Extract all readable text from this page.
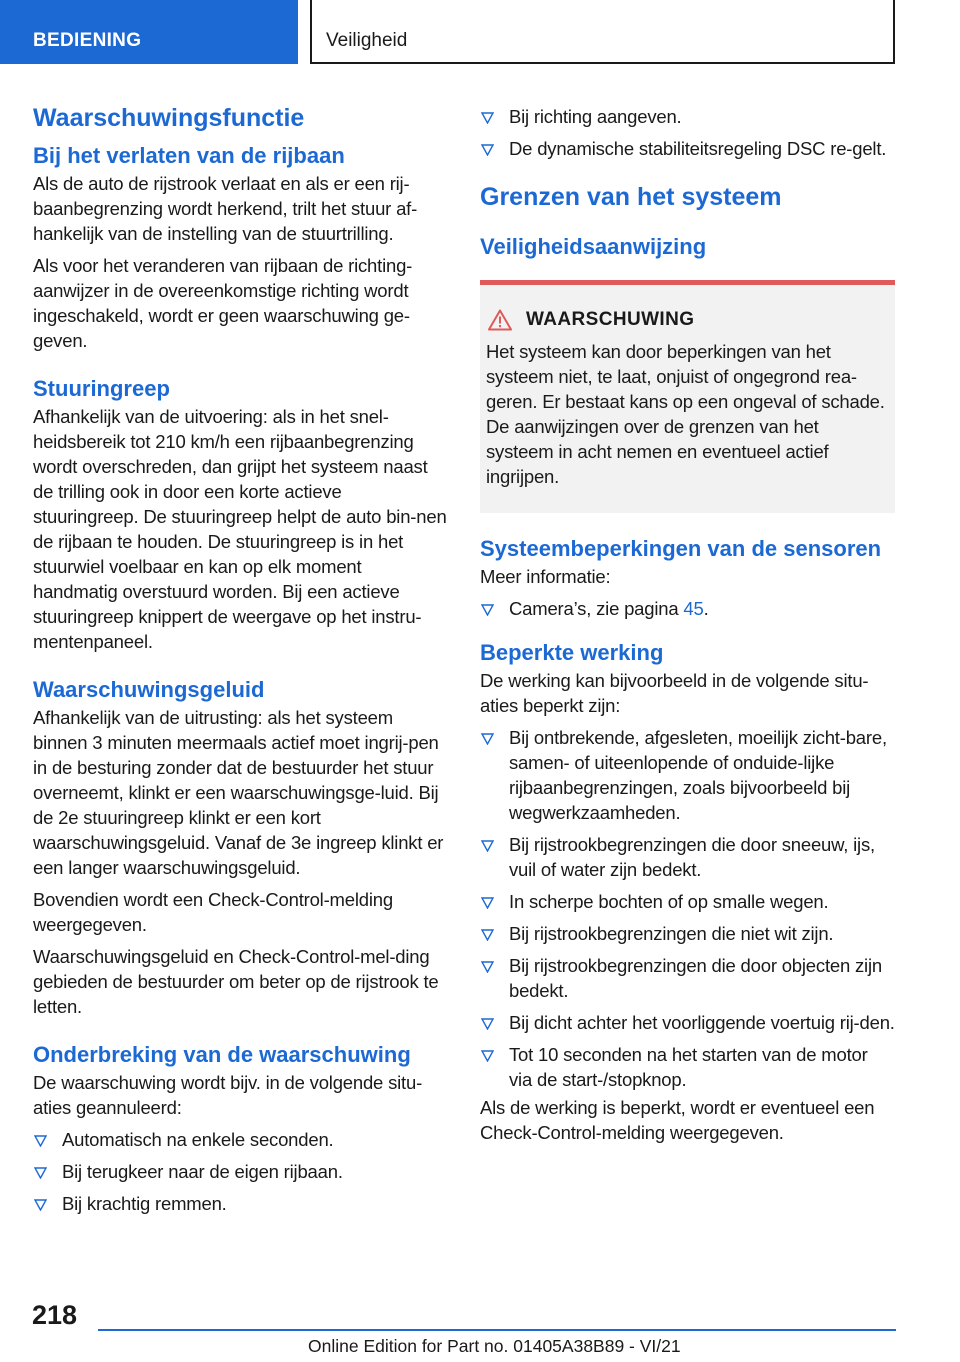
BEDIENING	Veiligheid
Waarschuwingsfunctie
Bij het verlaten van de rijbaan

Als de auto de rijstrook verlaat en als er een rij-baanbegrenzing wordt herkend, trilt het stuur af-hankelijk van de instelling van de stuurtrilling.

Als voor het veranderen van rijbaan de richting-aanwijzer in de overeenkomstige richting wordt ingeschakeld, wordt er geen waarschuwing ge-geven.

Stuuringreep

Afhankelijk van de uitvoering: als in het snel-heidsbereik tot 210 km/h een rijbaanbegrenzing wordt overschreden, dan grijpt het systeem naast de trilling ook in door een korte actieve stuuringreep. De stuuringreep helpt de auto bin-nen de rijbaan te houden. De stuuringreep is in het stuurwiel voelbaar en kan op elk moment handmatig overstuurd worden. Bij een actieve stuuringreep knippert de weergave op het instru-mentenpaneel.

Waarschuwingsgeluid

Afhankelijk van de uitrusting: als het systeem binnen 3 minuten meermaals actief moet ingrij-pen in de besturing zonder dat de bestuurder het stuur overneemt, klinkt er een waarschuwingsge-luid. Bij de 2e stuuringreep klinkt er een kort waarschuwingsgeluid. Vanaf de 3e ingreep klinkt er een langer waarschuwingsgeluid.

Bovendien wordt een Check-Control-melding weergegeven.

Waarschuwingsgeluid en Check-Control-mel-ding gebieden de bestuurder om beter op de rijstrook te letten.

Onderbreking van de waarschuwing

De waarschuwing wordt bijv. in de volgende situ-aties geannuleerd:

Automatisch na enkele seconden.
Bij terugkeer naar de eigen rijbaan.
Bij krachtig remmen.
Bij richting aangeven.
De dynamische stabiliteitsregeling DSC re-gelt.
Grenzen van het systeem
Veiligheidsaanwijzing
WAARSCHUWING

Het systeem kan door beperkingen van het systeem niet, te laat, onjuist of ongegrond rea-geren. Er bestaat kans op een ongeval of schade. De aanwijzingen over de grenzen van het systeem in acht nemen en eventueel actief ingrijpen.

Systeembeperkingen van de sensoren

Meer informatie:

Camera’s, zie pagina 45.
Beperkte werking

De werking kan bijvoorbeeld in de volgende situ-aties beperkt zijn:

Bij ontbrekende, afgesleten, moeilijk zicht-bare, samen- of uiteenlopende of onduide-lijke rijbaanbegrenzingen, zoals bijvoorbeeld bij wegwerkzaamheden.
Bij rijstrookbegrenzingen die door sneeuw, ijs, vuil of water zijn bedekt.
In scherpe bochten of op smalle wegen.
Bij rijstrookbegrenzingen die niet wit zijn.
Bij rijstrookbegrenzingen die door objecten zijn bedekt.
Bij dicht achter het voorliggende voertuig rij-den.
Tot 10 seconden na het starten van de motor via de start-/stopknop.

Als de werking is beperkt, wordt er eventueel een Check-Control-melding weergegeven.

218
Online Edition for Part no. 01405A38B89 - VI/21
